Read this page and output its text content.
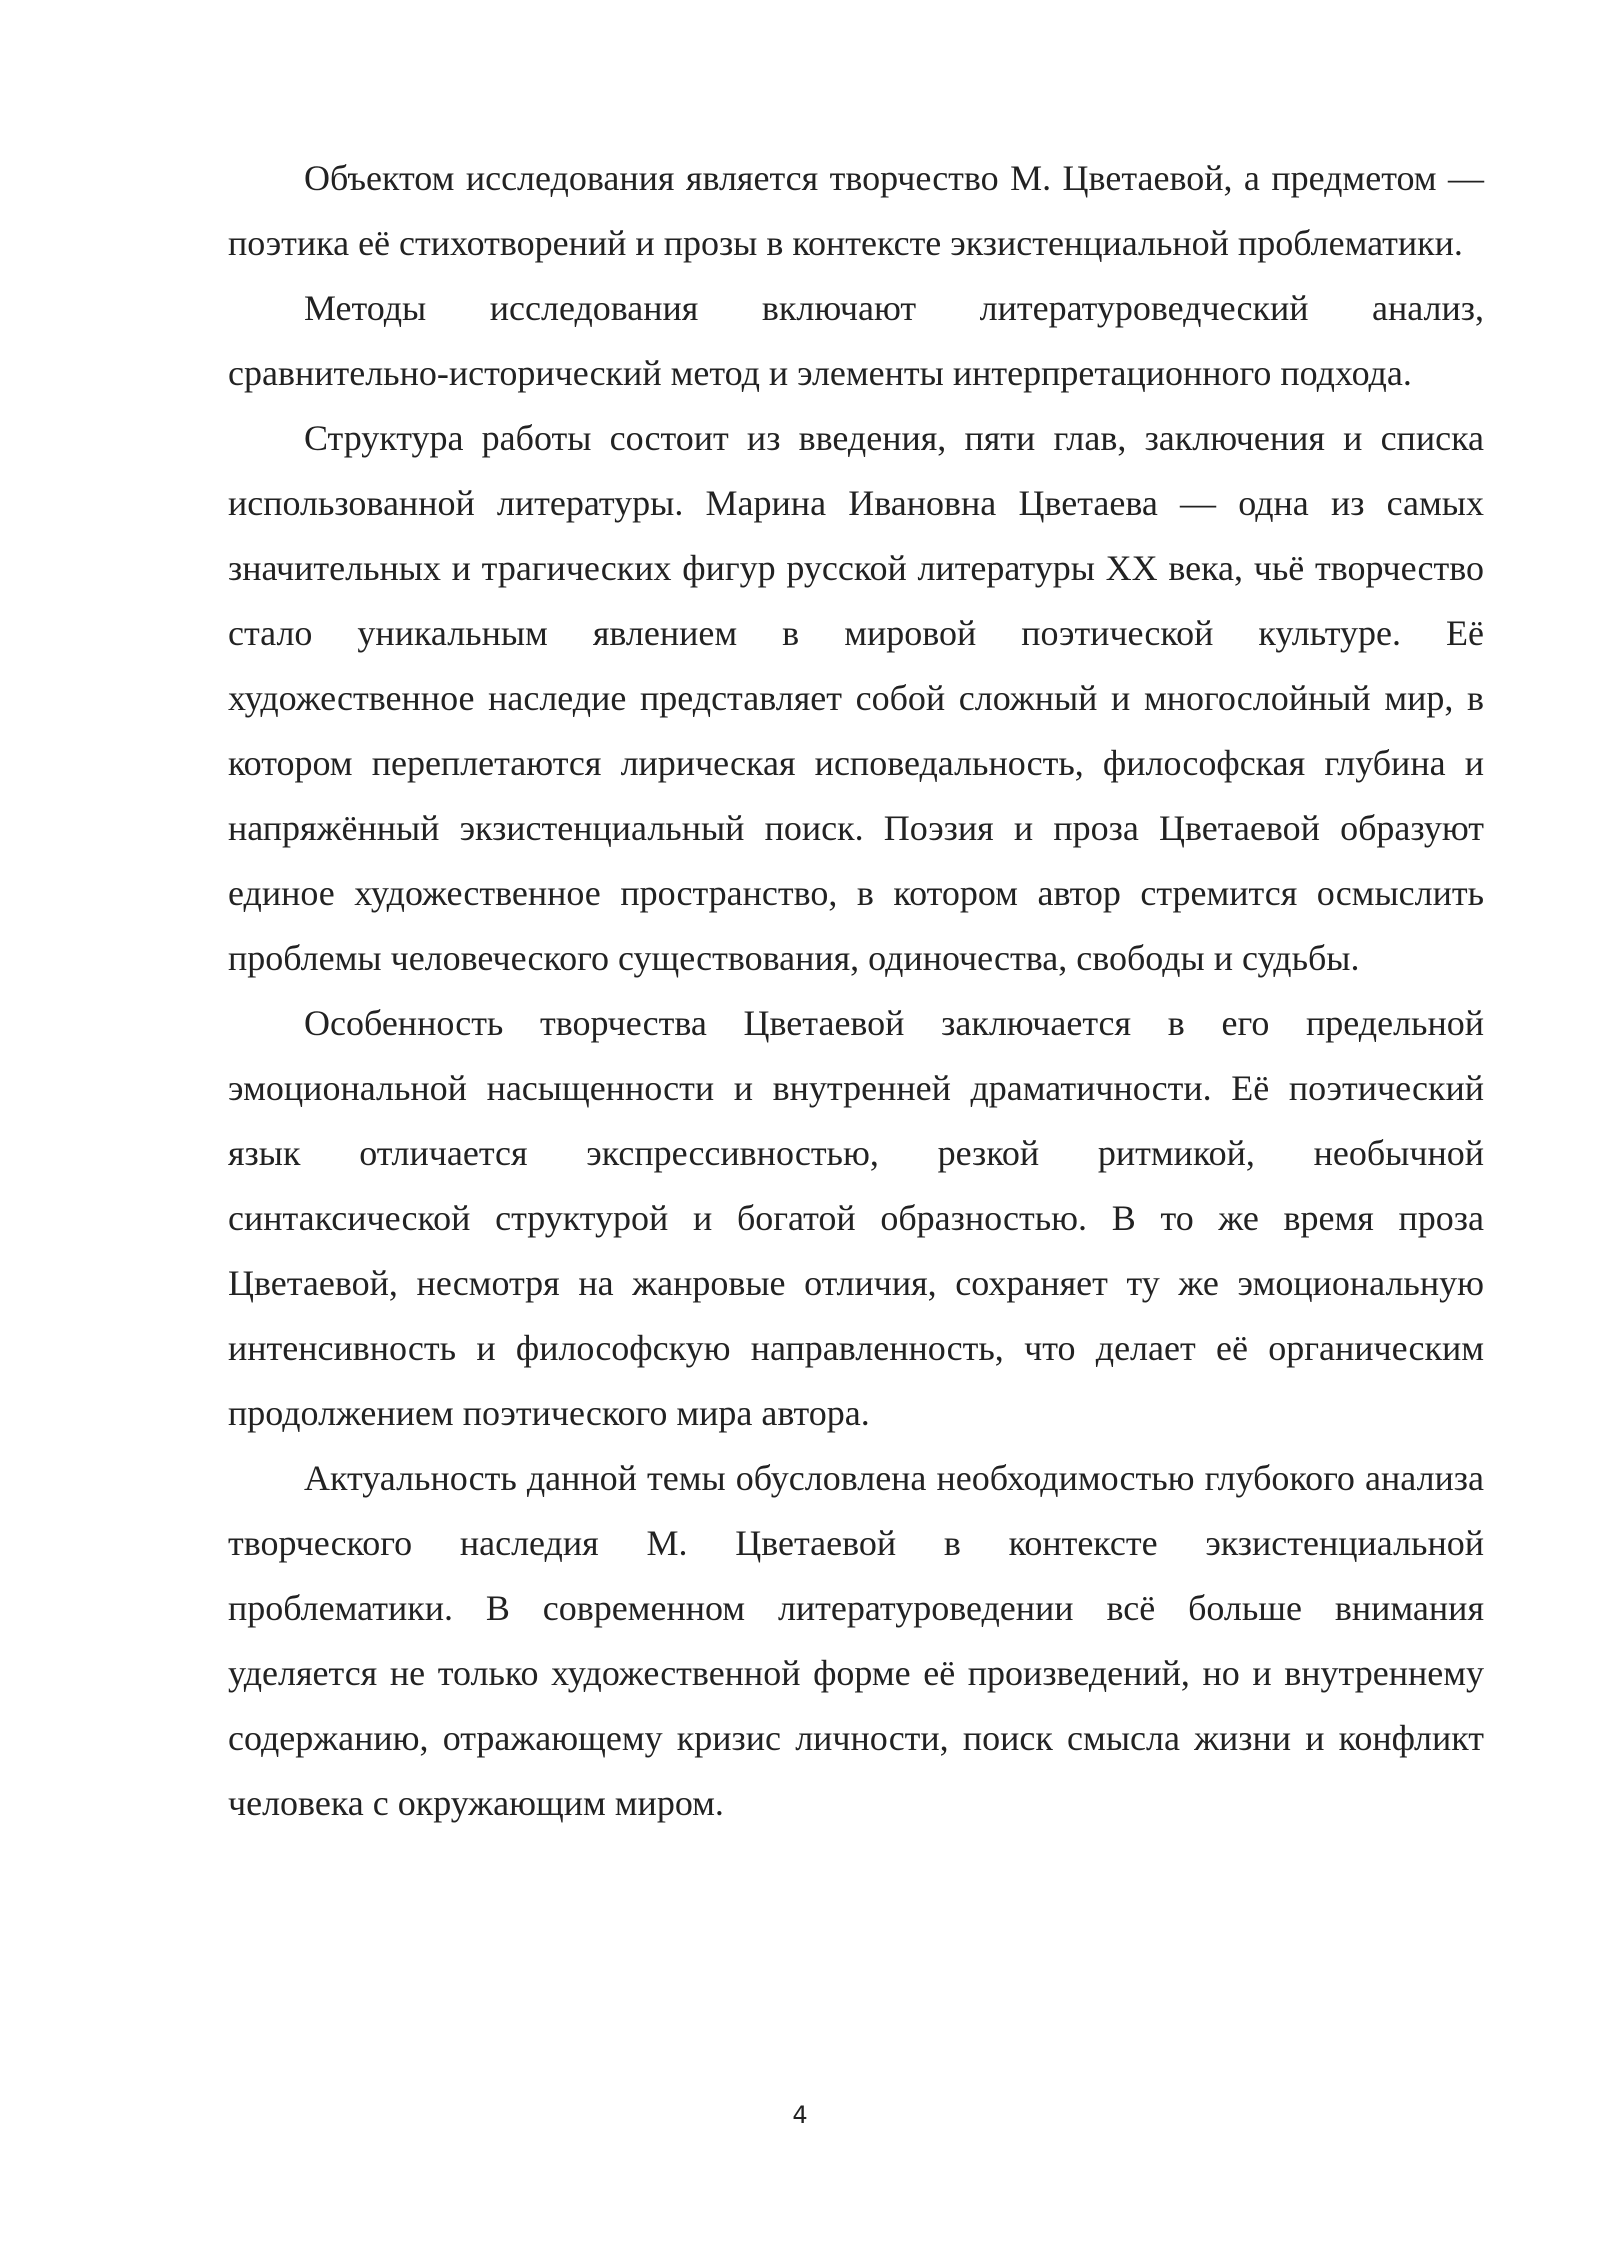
Объектом исследования является творчество М. Цветаевой, а предметом — поэтика её стихотворений и прозы в контексте экзистенциальной проблематики.

Методы исследования включают литературоведческий анализ, сравнительно-исторический метод и элементы интерпретационного подхода.

Структура работы состоит из введения, пяти глав, заключения и списка использованной литературы. Марина Ивановна Цветаева — одна из самых значительных и трагических фигур русской литературы XX века, чьё творчество стало уникальным явлением в мировой поэтической культуре. Её художественное наследие представляет собой сложный и многослойный мир, в котором переплетаются лирическая исповедальность, философская глубина и напряжённый экзистенциальный поиск. Поэзия и проза Цветаевой образуют единое художественное пространство, в котором автор стремится осмыслить проблемы человеческого существования, одиночества, свободы и судьбы.

Особенность творчества Цветаевой заключается в его предельной эмоциональной насыщенности и внутренней драматичности. Её поэтический язык отличается экспрессивностью, резкой ритмикой, необычной синтаксической структурой и богатой образностью. В то же время проза Цветаевой, несмотря на жанровые отличия, сохраняет ту же эмоциональную интенсивность и философскую направленность, что делает её органическим продолжением поэтического мира автора.

Актуальность данной темы обусловлена необходимостью глубокого анализа творческого наследия М. Цветаевой в контексте экзистенциальной проблематики. В современном литературоведении всё больше внимания уделяется не только художественной форме её произведений, но и внутреннему содержанию, отражающему кризис личности, поиск смысла жизни и конфликт человека с окружающим миром.

4
